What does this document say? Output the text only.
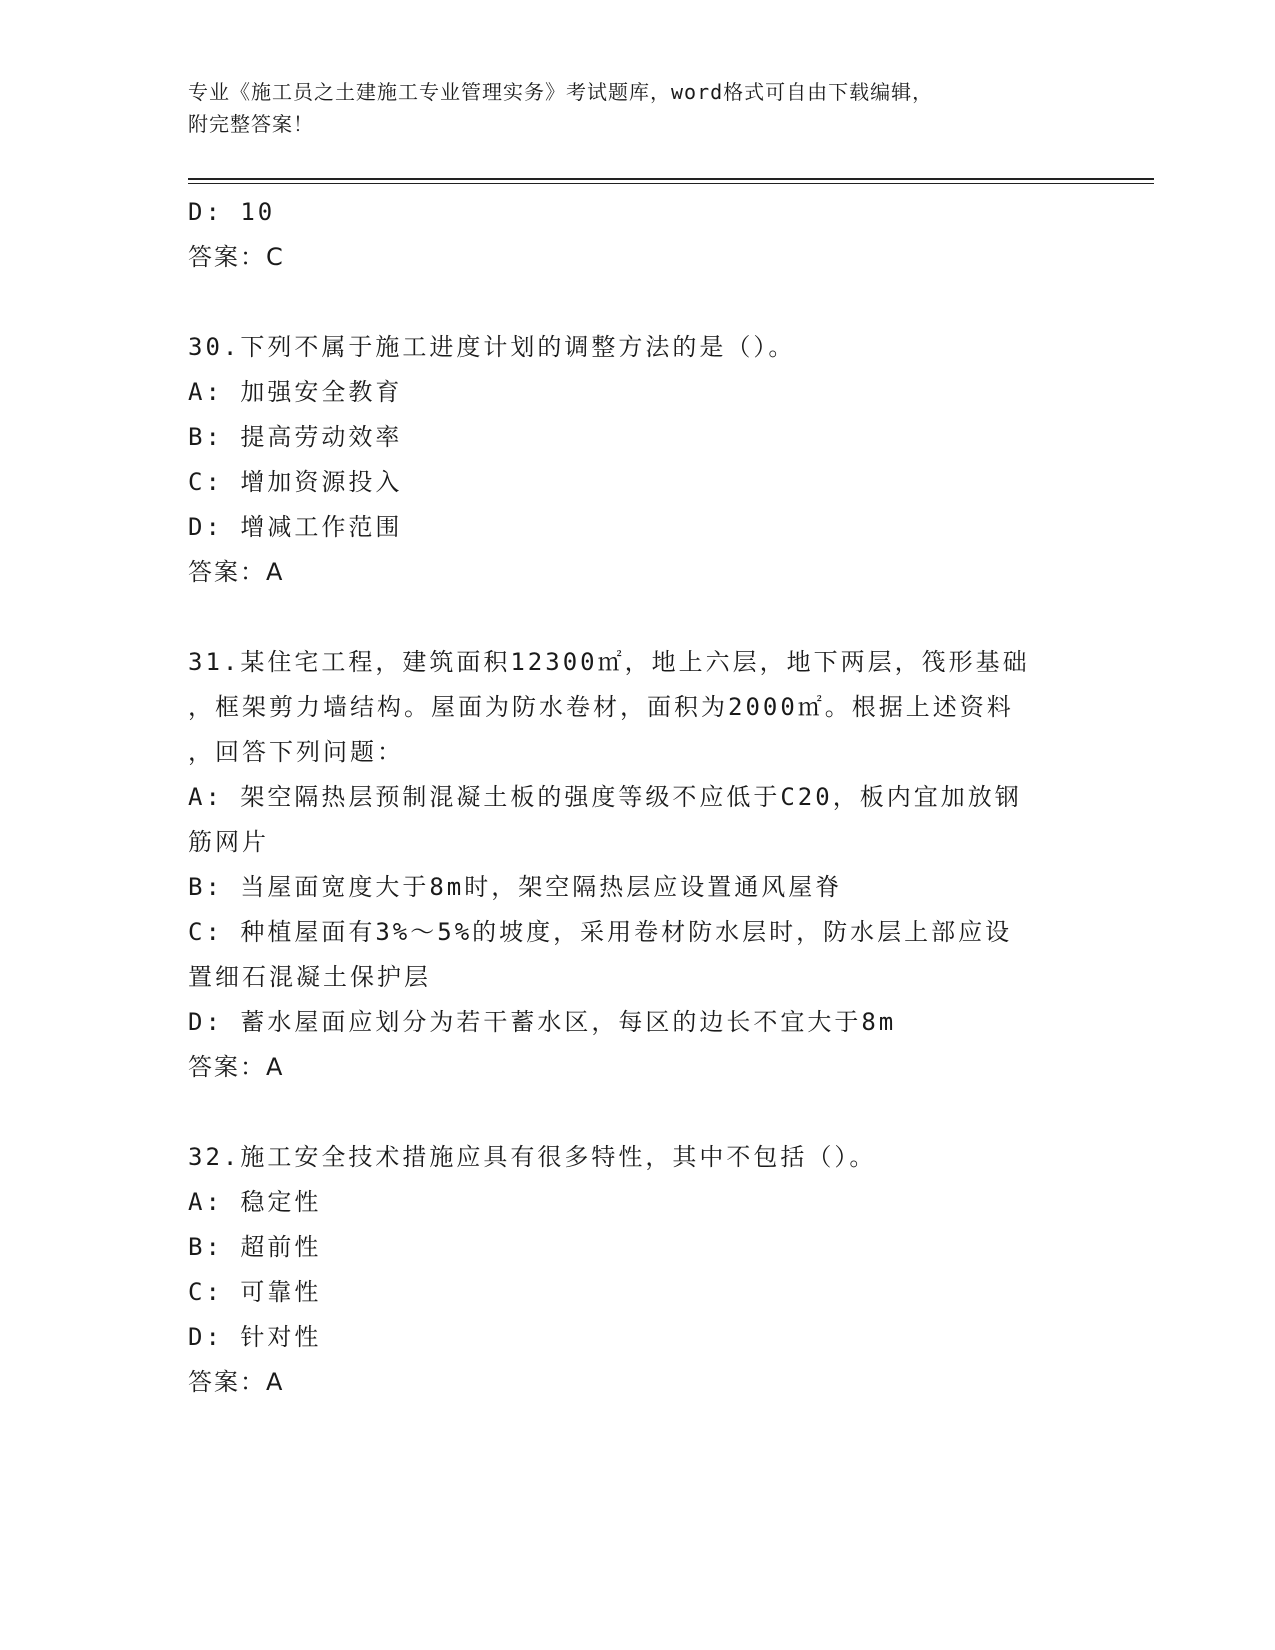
专业《施工员之土建施工专业管理实务》考试题库，word格式可自由下载编辑，
附完整答案！
D: 10
答案：C
30.下列不属于施工进度计划的调整方法的是（）。
A: 加强安全教育
B: 提高劳动效率
C: 增加资源投入
D: 增减工作范围
答案：A
31.某住宅工程，建筑面积12300㎡，地上六层，地下两层，筏形基础
，框架剪力墙结构。屋面为防水卷材，面积为2000㎡。根据上述资料
，回答下列问题：
A: 架空隔热层预制混凝土板的强度等级不应低于C20，板内宜加放钢
筋网片
B: 当屋面宽度大于8m时，架空隔热层应设置通风屋脊
C: 种植屋面有3%～5%的坡度，采用卷材防水层时，防水层上部应设
置细石混凝土保护层
D: 蓄水屋面应划分为若干蓄水区，每区的边长不宜大于8m
答案：A
32.施工安全技术措施应具有很多特性，其中不包括（）。
A: 稳定性
B: 超前性
C: 可靠性
D: 针对性
答案：A
